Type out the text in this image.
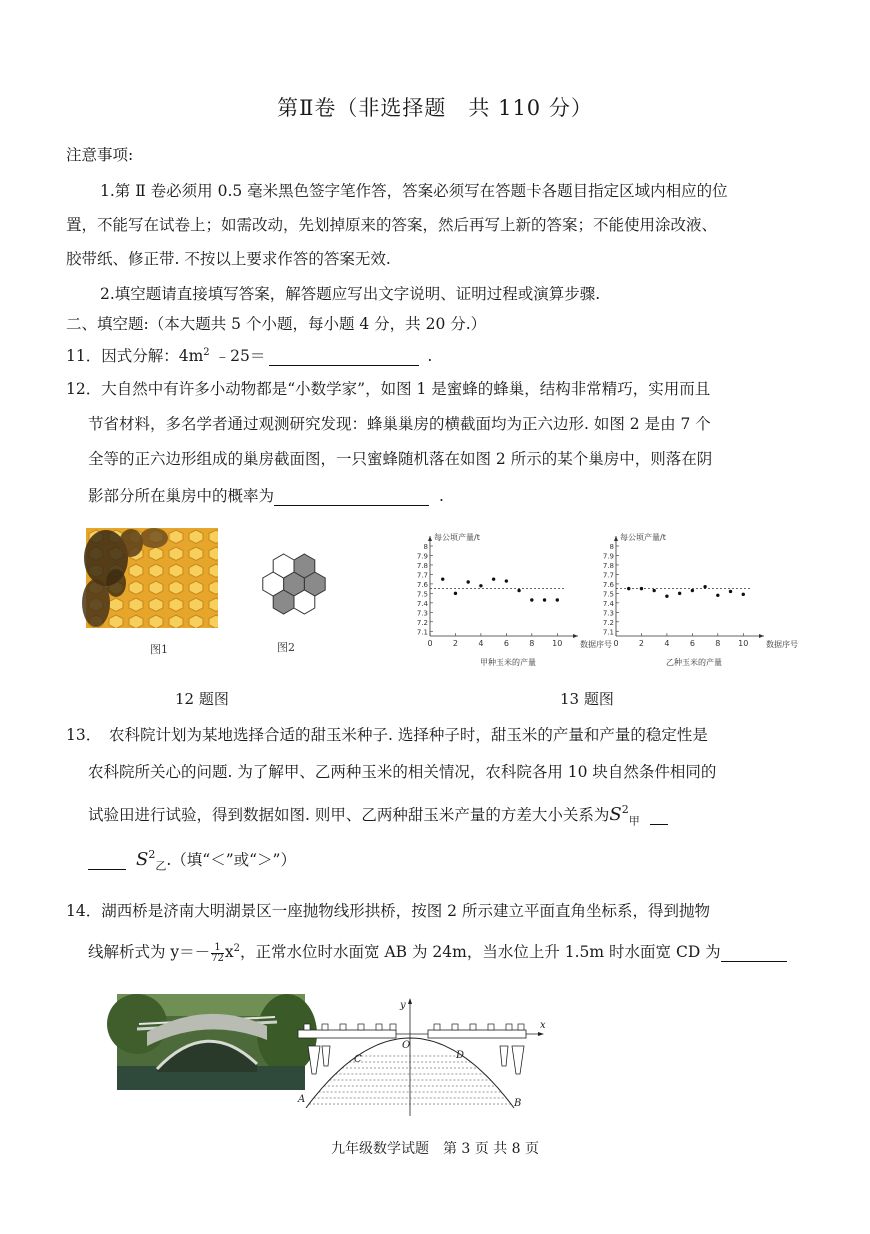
第Ⅱ卷（非选择题　共 110 分）
注意事项:
1.第 Ⅱ 卷必须用 0.5 毫米黑色签字笔作答，答案必须写在答题卡各题目指定区域内相应的位
置，不能写在试卷上；如需改动，先划掉原来的答案，然后再写上新的答案；不能使用涂改液、
胶带纸、修正带. 不按以上要求作答的答案无效.
2.填空题请直接填写答案，解答题应写出文字说明、证明过程或演算步骤.
二、填空题:（本大题共 5 个小题，每小题 4 分，共 20 分.）
11．因式分解：$4m^2$ ﹣25＝	.
12．大自然中有许多小动物都是“小数学家”，如图 1 是蜜蜂的蜂巢，结构非常精巧，实用而且
节省材料，多名学者通过观测研究发现：蜂巢巢房的横截面均为正六边形. 如图 2 是由 7 个
全等的正六边形组成的巢房截面图，一只蜜蜂随机落在如图 2 所示的某个巢房中，则落在阴
影部分所在巢房中的概率为	.
图1	图2
7.1
7.2
7.3
7.4
7.5
7.6
7.7
7.8
7.9
8
0	2	4	6	8 10
每公顷产量/t
数据序号
甲种玉米的产量
7.1
7.2
7.3
7.4
7.5
7.6
7.7
7.8
7.9
8
0	2	4	6	8 10
每公顷产量/t
数据序号
乙种玉米的产量
12 题图	13 题图
13．　农科院计划为某地选择合适的甜玉米种子. 选择种子时，甜玉米的产量和产量的稳定性是
农科院所关心的问题. 为了解甲、乙两种玉米的相关情况，农科院各用 10 块自然条件相同的
试验田进行试验，得到数据如图. 则甲、乙两种甜玉米产量的方差大小关系为$S^2_甲$
$S^2_乙$.（填“＜”或“＞”）
14．湖西桥是济南大明湖景区一座抛物线形拱桥，按图 2 所示建立平面直角坐标系，得到抛物
线解析式为 $y=- \frac{1}{72} x^2$，正常水位时水面宽 AB 为 24m，当水位上升 1.5m 时水面宽 CD 为
O
x
y
C	D
A	B
九年级数学试题　第 3 页 共 8 页
